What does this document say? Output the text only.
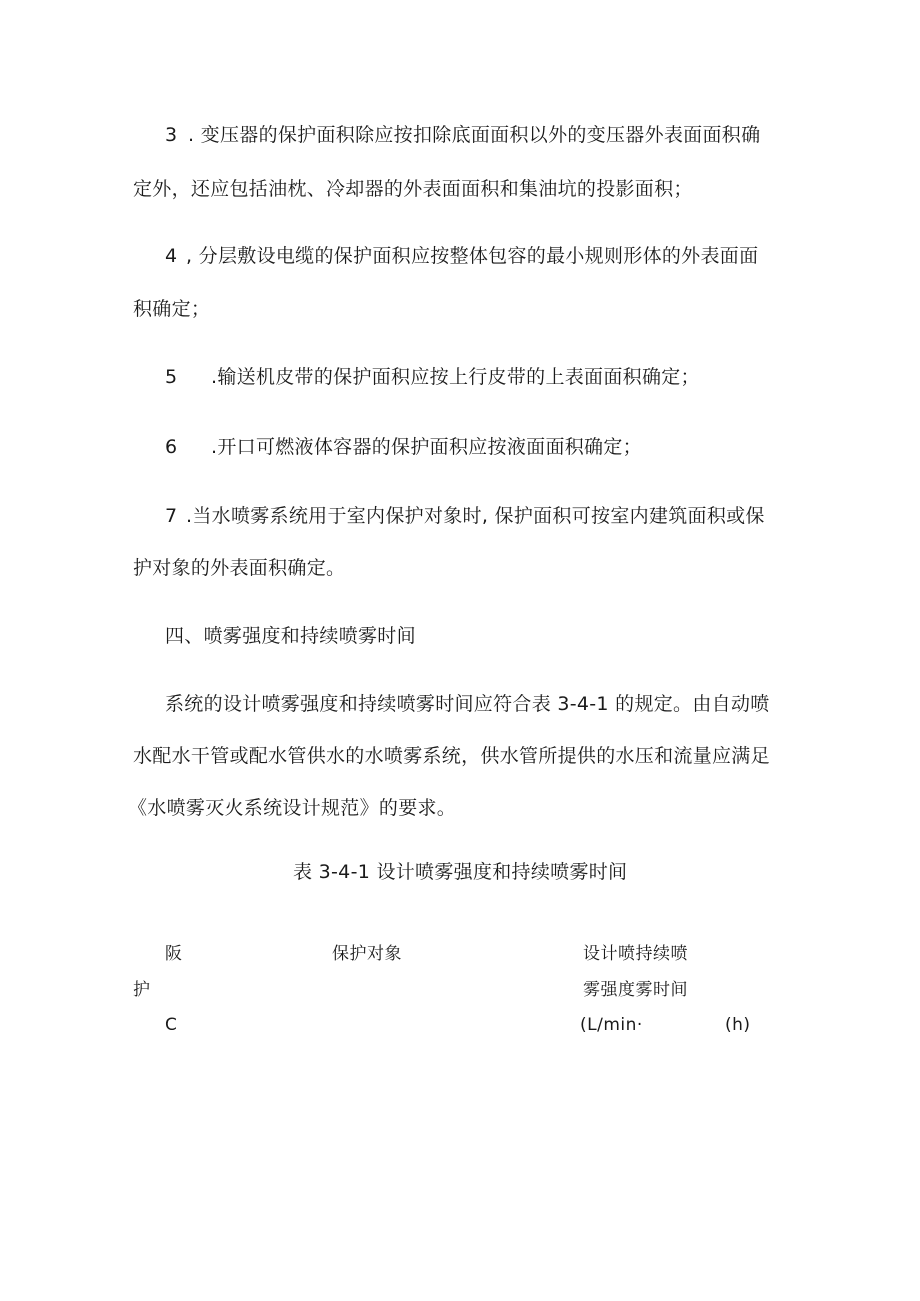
3 . 变压器的保护面积除应按扣除底面面积以外的变压器外表面面积确
定外，还应包括油枕、冷却器的外表面面积和集油坑的投影面积；
4 , 分层敷设电缆的保护面积应按整体包容的最小规则形体的外表面面
积确定；
5 .输送机皮带的保护面积应按上行皮带的上表面面积确定；
6 .开口可燃液体容器的保护面积应按液面面积确定；
7 .当水喷雾系统用于室内保护对象时, 保护面积可按室内建筑面积或保
护对象的外表面积确定。
四、喷雾强度和持续喷雾时间
系统的设计喷雾强度和持续喷雾时间应符合表 3-4-1 的规定。由自动喷
水配水干管或配水管供水的水喷雾系统，供水管所提供的水压和流量应满足
《水喷雾灭火系统设计规范》的要求。
表 3-4-1 设计喷雾强度和持续喷雾时间
阪
护
C
保护对象	设计喷持续喷
雾强度雾时间
(L∕min·	(h)
